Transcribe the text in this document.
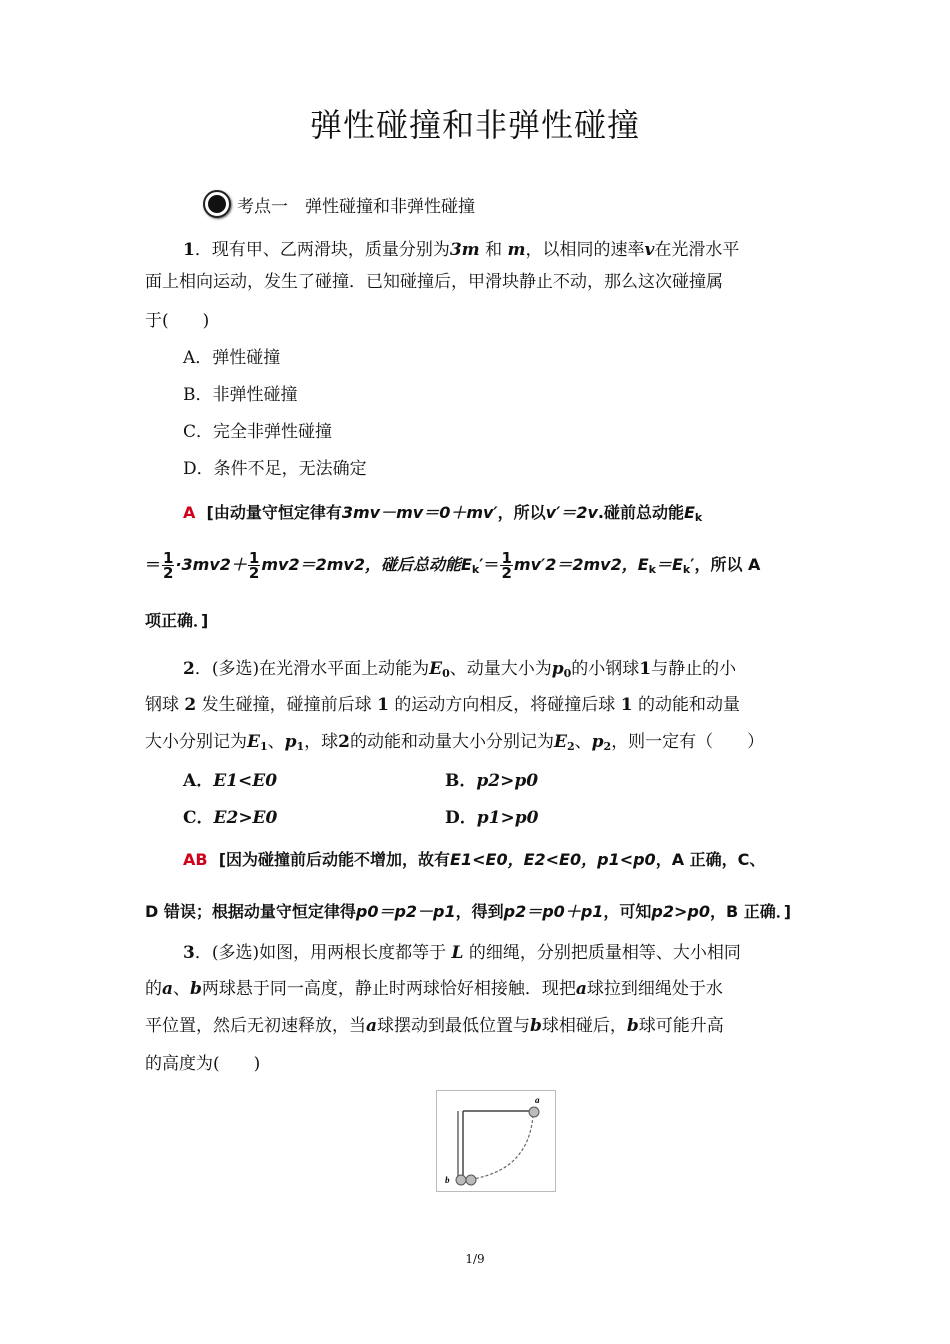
弹性碰撞和非弹性碰撞
考点一　弹性碰撞和非弹性碰撞
1．现有甲、乙两滑块，质量分别为3m 和 m，以相同的速率v在光滑水平
面上相向运动，发生了碰撞．已知碰撞后，甲滑块静止不动，那么这次碰撞属
于(　　)
A．弹性碰撞
B．非弹性碰撞
C．完全非弹性碰撞
D．条件不足，无法确定
A [由动量守恒定律有3mv－mv＝0＋mv′，所以v′＝2v.碰前总动能$E_k$
＝ $\frac{1}{2} \cdot 3mv2+ \frac{1}{2} mv2=2mv2$，碰后总动能$E_k'= \frac{1}{2} mv'2=2mv2$，$E_k=E_k'$，所以 A
项正确．]
2．(多选)在光滑水平面上动能为$E_0$、动量大小为$p_0$的小钢球1与静止的小
钢球 2 发生碰撞，碰撞前后球 1 的运动方向相反，将碰撞后球 1 的动能和动量
大小分别记为$E_1$、$p_1$，球2的动能和动量大小分别记为$E_2$、$p_2$，则一定有（　　）
A．E1<E0	B．p2>p0
C．E2>E0	D．p1>p0
AB [因为碰撞前后动能不增加，故有E1<E0，E2<E0，p1<p0，A 正确，C、
D 错误；根据动量守恒定律得p0＝p2－p1，得到p2＝p0＋p1，可知p2>p0，B 正确．]
3．(多选)如图，用两根长度都等于 L 的细绳，分别把质量相等、大小相同
的a、b两球悬于同一高度，静止时两球恰好相接触．现把a球拉到细绳处于水
平位置，然后无初速释放，当a球摆动到最低位置与b球相碰后，b球可能升高
的高度为(　　)
a
b
1/9
